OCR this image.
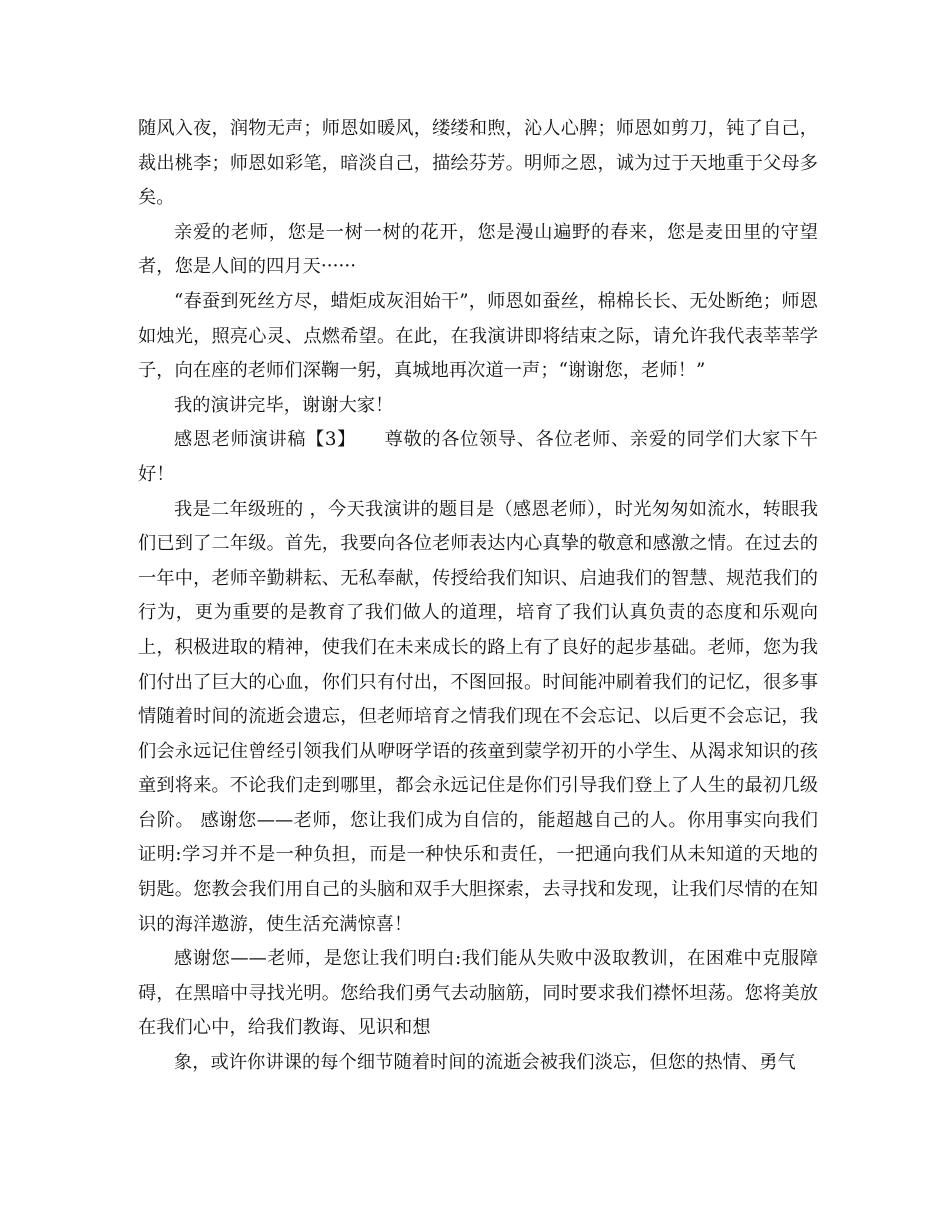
随风入夜，润物无声；师恩如暖风，缕缕和煦，沁人心脾；师恩如剪刀，钝了自己，裁出桃李；师恩如彩笔，暗淡自己，描绘芬芳。明师之恩，诚为过于天地重于父母多矣。

亲爱的老师，您是一树一树的花开，您是漫山遍野的春来，您是麦田里的守望者，您是人间的四月天······

“春蚕到死丝方尽，蜡炬成灰泪始干”，师恩如蚕丝，棉棉长长、无处断绝；师恩如烛光，照亮心灵、点燃希望。在此，在我演讲即将结束之际，请允许我代表莘莘学子，向在座的老师们深鞠一躬，真城地再次道一声；“谢谢您，老师！”

我的演讲完毕，谢谢大家！

感恩老师演讲稿【3】　　尊敬的各位领导、各位老师、亲爱的同学们大家下午好！

我是二年级班的 ，今天我演讲的题目是（感恩老师），时光匆匆如流水，转眼我们已到了二年级。首先，我要向各位老师表达内心真挚的敬意和感激之情。在过去的一年中，老师辛勤耕耘、无私奉献，传授给我们知识、启迪我们的智慧、规范我们的行为，更为重要的是教育了我们做人的道理，培育了我们认真负责的态度和乐观向上，积极进取的精神，使我们在未来成长的路上有了良好的起步基础。老师，您为我们付出了巨大的心血，你们只有付出，不图回报。时间能冲刷着我们的记忆，很多事情随着时间的流逝会遗忘，但老师培育之情我们现在不会忘记、以后更不会忘记，我们会永远记住曾经引领我们从咿呀学语的孩童到蒙学初开的小学生、从渴求知识的孩童到将来。不论我们走到哪里，都会永远记住是你们引导我们登上了人生的最初几级台阶。 感谢您——老师，您让我们成为自信的，能超越自己的人。你用事实向我们证明:学习并不是一种负担，而是一种快乐和责任，一把通向我们从未知道的天地的钥匙。您教会我们用自己的头脑和双手大胆探索，去寻找和发现，让我们尽情的在知识的海洋遨游，使生活充满惊喜！

感谢您——老师，是您让我们明白:我们能从失败中汲取教训，在困难中克服障碍，在黑暗中寻找光明。您给我们勇气去动脑筋，同时要求我们襟怀坦荡。您将美放在我们心中，给我们教诲、见识和想

象，或许你讲课的每个细节随着时间的流逝会被我们淡忘，但您的热情、勇气
